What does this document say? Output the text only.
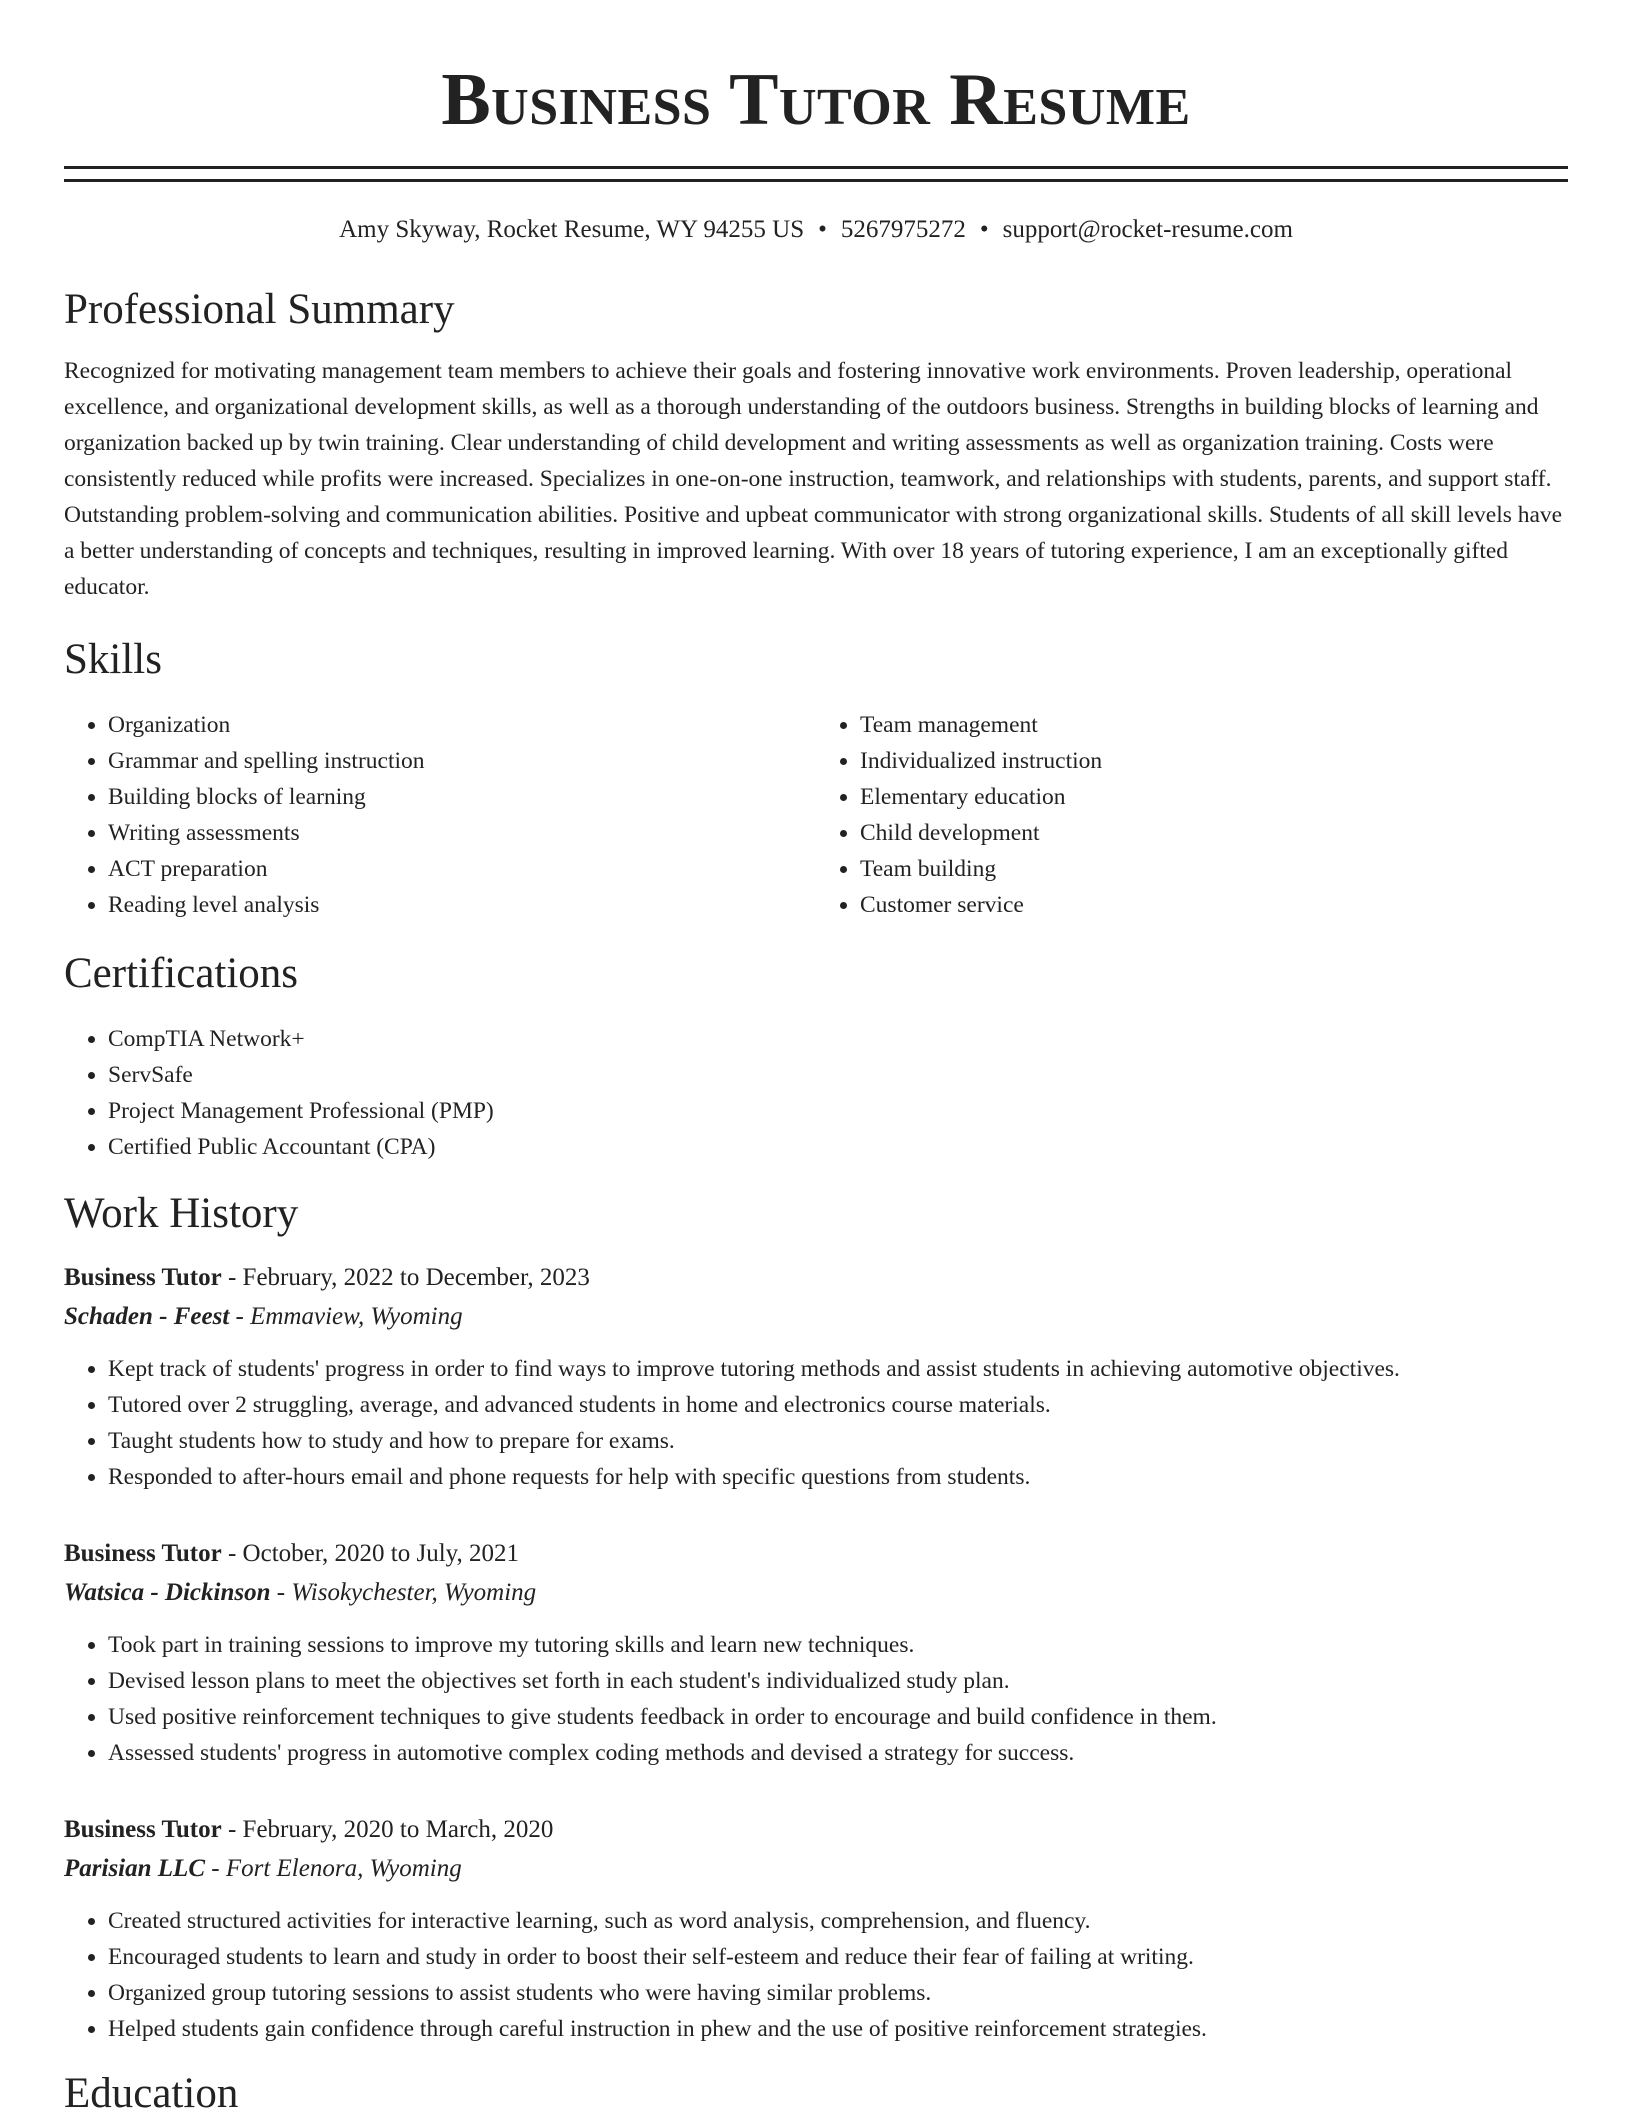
Business Tutor Resume
Amy Skyway, Rocket Resume, WY 94255 US • 5267975272 • support@rocket-resume.com
Professional Summary

Recognized for motivating management team members to achieve their goals and fostering innovative work environments. Proven leadership, operational excellence, and organizational development skills, as well as a thorough understanding of the outdoors business. Strengths in building blocks of learning and organization backed up by twin training. Clear understanding of child development and writing assessments as well as organization training. Costs were consistently reduced while profits were increased. Specializes in one-on-one instruction, teamwork, and relationships with students, parents, and support staff. Outstanding problem-solving and communication abilities. Positive and upbeat communicator with strong organizational skills. Students of all skill levels have a better understanding of concepts and techniques, resulting in improved learning. With over 18 years of tutoring experience, I am an exceptionally gifted educator.

Skills
• Organization
• Grammar and spelling instruction
• Building blocks of learning
• Writing assessments
• ACT preparation
• Reading level analysis
• Team management
• Individualized instruction
• Elementary education
• Child development
• Team building
• Customer service
Certifications
• CompTIA Network+
• ServSafe
• Project Management Professional (PMP)
• Certified Public Accountant (CPA)
Work History
Business Tutor - February, 2022 to December, 2023
Schaden - Feest - Emmaview, Wyoming
• Kept track of students' progress in order to find ways to improve tutoring methods and assist students in achieving automotive objectives.
• Tutored over 2 struggling, average, and advanced students in home and electronics course materials.
• Taught students how to study and how to prepare for exams.
• Responded to after-hours email and phone requests for help with specific questions from students.
Business Tutor - October, 2020 to July, 2021
Watsica - Dickinson - Wisokychester, Wyoming
• Took part in training sessions to improve my tutoring skills and learn new techniques.
• Devised lesson plans to meet the objectives set forth in each student's individualized study plan.
• Used positive reinforcement techniques to give students feedback in order to encourage and build confidence in them.
• Assessed students' progress in automotive complex coding methods and devised a strategy for success.
Business Tutor - February, 2020 to March, 2020
Parisian LLC - Fort Elenora, Wyoming
• Created structured activities for interactive learning, such as word analysis, comprehension, and fluency.
• Encouraged students to learn and study in order to boost their self-esteem and reduce their fear of failing at writing.
• Organized group tutoring sessions to assist students who were having similar problems.
• Helped students gain confidence through careful instruction in phew and the use of positive reinforcement strategies.
Education
